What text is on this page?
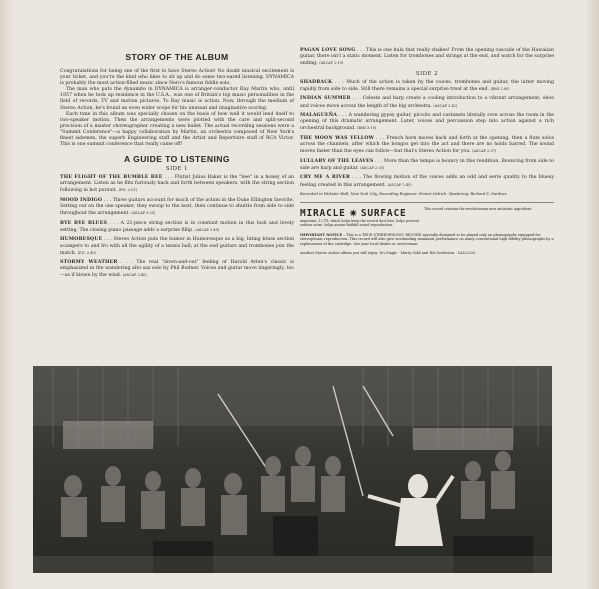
STORY OF THE ALBUM

Congratulations for being one of the first to have Stereo Action! No doubt musical excitement is your ticket, and you're the kind who likes to sit up and do some two-eared listening. DYNAMICA is probably the most action-filled music since Nero's famous fiddle solo.

The man who puts the dynamite in DYNAMICA is arranger-conductor Ray Martin who, until 1957 when he took up residence in the U.S.A., was one of Britain's top music personalities in the field of records, TV and motion pictures. To Ray music is action. Now, through the medium of Stereo Action, he's found an even wider scope for his unusual and imaginative scoring.

Each tune in this album was specially chosen on the basis of how well it would lend itself to two-speaker motion. Then the arrangements were plotted with the care and split-second precision of a master choreographer creating a new ballet. The actual recording sessions were a "Summit Conference"—a happy collaboration by Martin, an orchestra composed of New York's finest sidemen, the superb Engineering staff and the Artist and Repertoire staff of RCA Victor. This is one summit conference that really came off!

A GUIDE TO LISTENING
SIDE 1
THE FLIGHT OF THE BUMBLE BEE . . . Flutist Julius Baker is the "bee" in a honey of an arrangement. Listen as he flits furiously back and forth between speakers, with the string section following in hot pursuit. (P.D. 2:01)
MOOD INDIGO . . . Three guitars account for much of the action in the Duke Ellington favorite. Setting out on the one speaker, they swoop to the next, then continue to shuttle from side to side throughout the arrangement. (ASCAP 3:25)
BYE BYE BLUES . . . A 22-piece string section is in constant motion in this lush and lovely setting. The closing piano passage adds a surprise fillip. (ASCAP 2:45)
HUMORESQUE . . . Stereo Action puts the humor in Humoresque as a big, biting brass section scampers to and fro with all the agility of a tennis ball; at the end guitars and trombones join the match. (P.D. 2:40)
STORMY WEATHER . . . The real "down-and-out" feeling of Harold Arlen's classic is emphasized in the wandering alto sax solo by Phil Bodner. Voices and guitar move lingeringly, too—as if blown by the wind. (ASCAP 2:40)
PAGAN LOVE SONG . . . This is one hula that really shakes! From the opening cascade of the Hawaiian guitar, there isn't a static moment. Listen for trombones and strings at the end, and watch for the surprise ending. (ASCAP 2:19)
SIDE 2
SHADRACK . . . Much of the action is taken by the voices, trombones and guitar, the latter moving rapidly from side to side. Still there remains a special surprise treat at the end. (BMI 2:00)
INDIAN SUMMER . . . Celeste and harp create a cooling introduction to a vibrant arrangement; oboe and voices move across the length of the big orchestra. (ASCAP 2:42)
MALAGUEÑA . . . A wandering gypsy guitar, piccolo and castanets literally rove across the room in the opening of this dramatic arrangement. Later, voices and percussion step into action against a rich orchestral background. (BMI 3:10)
THE MOON WAS YELLOW . . . French horn moves back and forth at the opening, then a flute solos across the channels, after which the bongos get into the act and there are no holds barred. The sound moves faster than the eyes can follow—but that's Stereo Action for you. (ASCAP 2:37)
LULLABY OF THE LEAVES . . . More than the tempo is bouncy in this rendition. Bouncing from side to side are harp and guitar. (ASCAP 2:35)
CRY ME A RIVER . . . The flowing motion of the voices adds an odd and eerie quality to the bluesy feeling created in this arrangement. (ASCAP 2:45)
Recorded in Webster Hall, New York City. Recording Engineer: Ernest Oelrich. Mastering: Richard S. Gardner.
MIRACLE ✷ SURFACE
important, 12 TS, which helps keep the record dust free, helps prevent surface noise, helps assure faithful sound reproduction.
This record contains the revolutionary new antistatic ingredient
IMPORTANT NOTICE – This is a TRUE STEREOPHONIC RECORD specially designed to be played only on phonographs equipped for stereophonic reproduction. This record will also give outstanding monaural performance on many conventional high fidelity phonographs by a replacement of the cartridge. See your local dealer or serviceman.
Another Stereo Action album you will enjoy: It's Magic · Marty Gold and His Orchestra · LSA-2230
